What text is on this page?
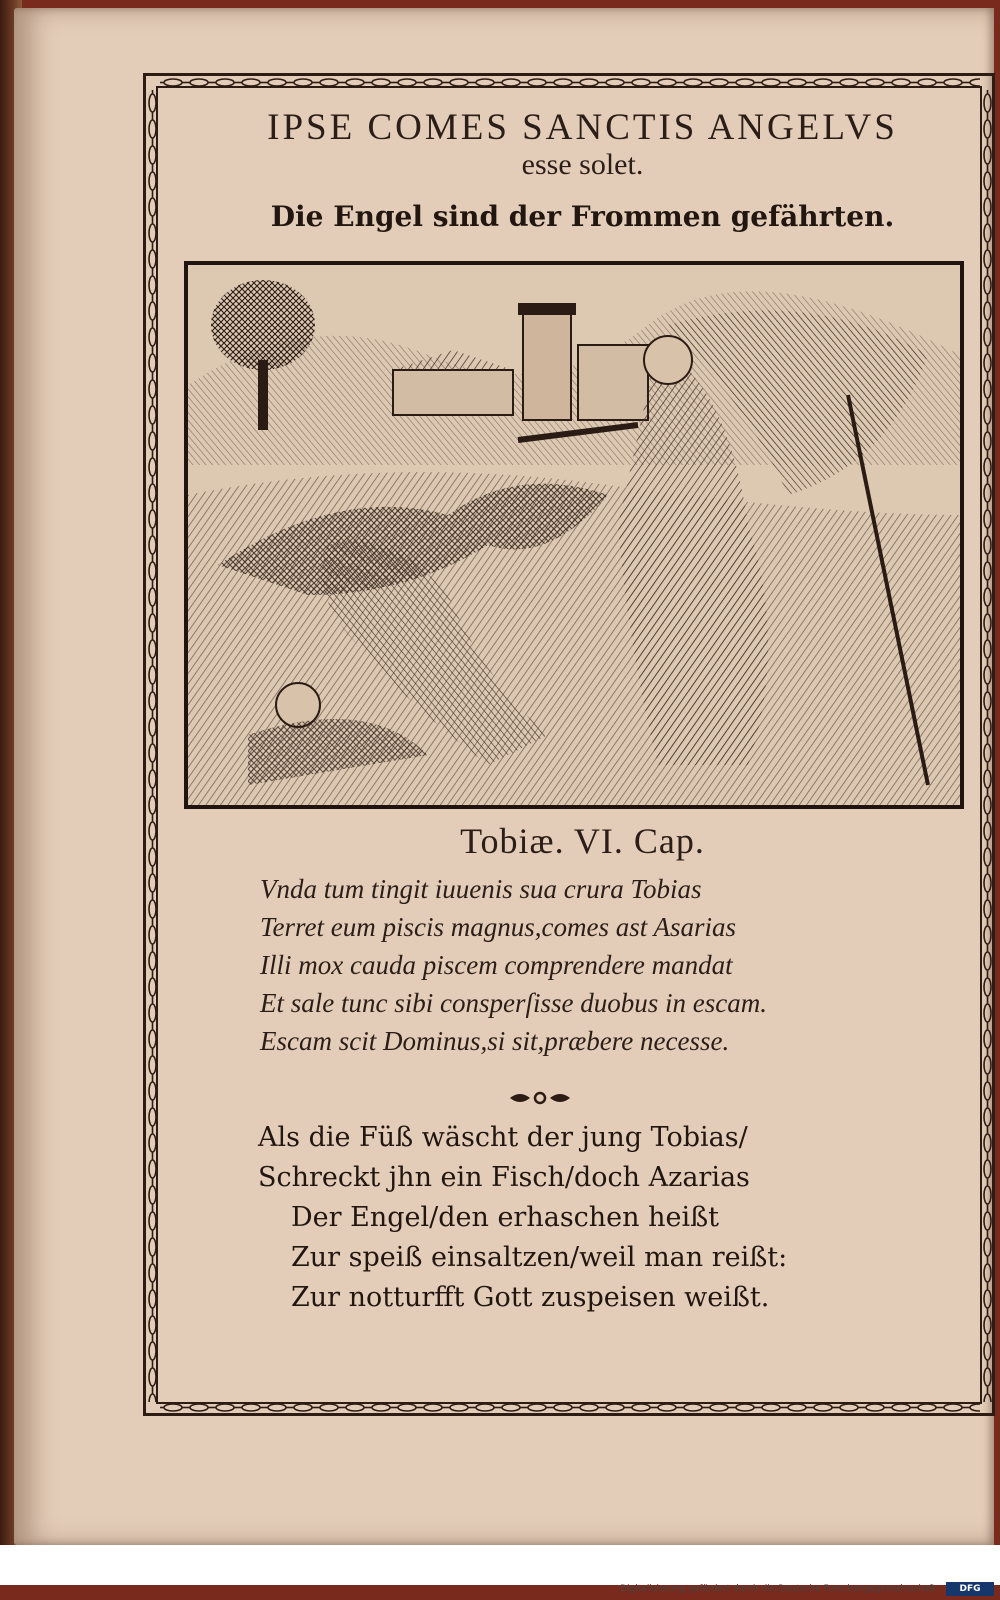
IPSE COMES SANCTIS ANGELVS
esse solet.
Die Engel sind der Frommen gefährten.
Tobiæ. VI. Cap.
Vnda tum tingit iuuenis sua crura Tobias
Terret eum piscis magnus,comes ast Asarias
Illi mox cauda piscem comprendere mandat
Et sale tunc sibi consperſisse duobus in escam.
Escam scit Dominus,si sit,præbere necesse.
Als die Füß wäscht der jung Tobias/
Schreckt jhn ein Fisch/doch Azarias
Der Engel/den erhaschen heißt
Zur speiß einsaltzen/weil man reißt:
Zur notturfft Gott zuspeisen weißt.
Digitalisierung gefördert durch die Deutsche Forschungsgemeinschaft -	DFG
